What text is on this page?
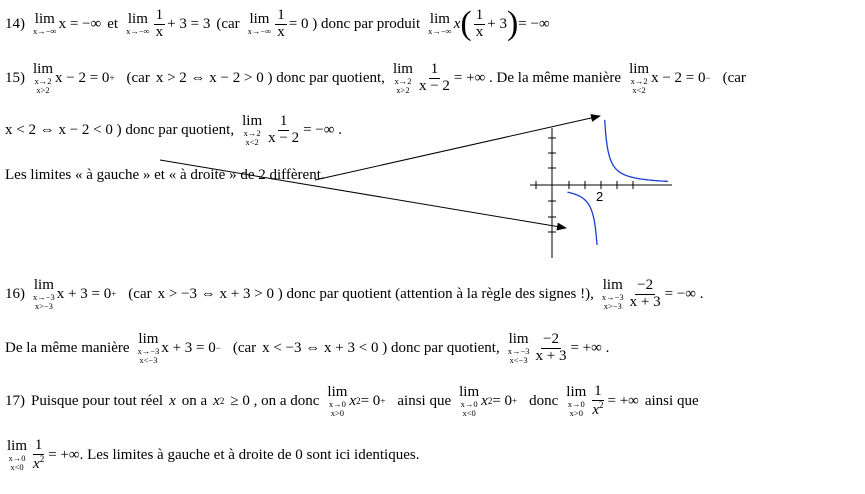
14) lim
x→−∞ x = −∞ et lim
$x\to-\infty \frac{1}{x} + 3 = 3$ (car lim
$x\to-\infty \frac{1}{x} = 0$ ) donc par produit lim
x→−∞ x ( $\frac{1}{x} + 3$ ) = −∞
15)
lim
x→2
x>2
x − 2 = 0 + (car x > 2 ⇔ x − 2 > 0 ) donc par quotient,
lim
x→2
$x>2 \frac{1}{x - 2}$ = +∞ . De la même manière
lim
x→2
x<2
x − 2 = 0 − (car
x < 2 ⇔ x − 2 < 0 ) donc par quotient,
lim
x→2
$x<2 \frac{1}{x - 2}$ = −∞ .
Les limites « à gauche » et « à droite » de 2 diffèrent.
2
16)
lim
x→−3
x>−3
x + 3 = 0 + (car x > −3 ⇔ x + 3 > 0 ) donc par quotient (attention à la règle des signes !),
lim
x→−3
$x>-3 \frac{-2}{x + 3}$ = −∞ .
De la même manière
lim
x→−3
x<−3
x + 3 = 0 − (car x < −3 ⇔ x + 3 < 0 ) donc par quotient,
lim
x→−3
$x<-3 \frac{-2}{x + 3}$ = +∞ .
17) Puisque pour tout réel x on a x 2 ≥ 0 , on a donc
lim
x→0
x>0
x 2 = 0 + ainsi que
lim
x→0
x<0
x 2 = 0 + donc
lim
x→0
$x>0 \frac{1}{x^2}$ = +∞ ainsi que
lim
x→0
$x<0 \frac{1}{x^2}$ = +∞ . Les limites à gauche et à droite de 0 sont ici identiques.
